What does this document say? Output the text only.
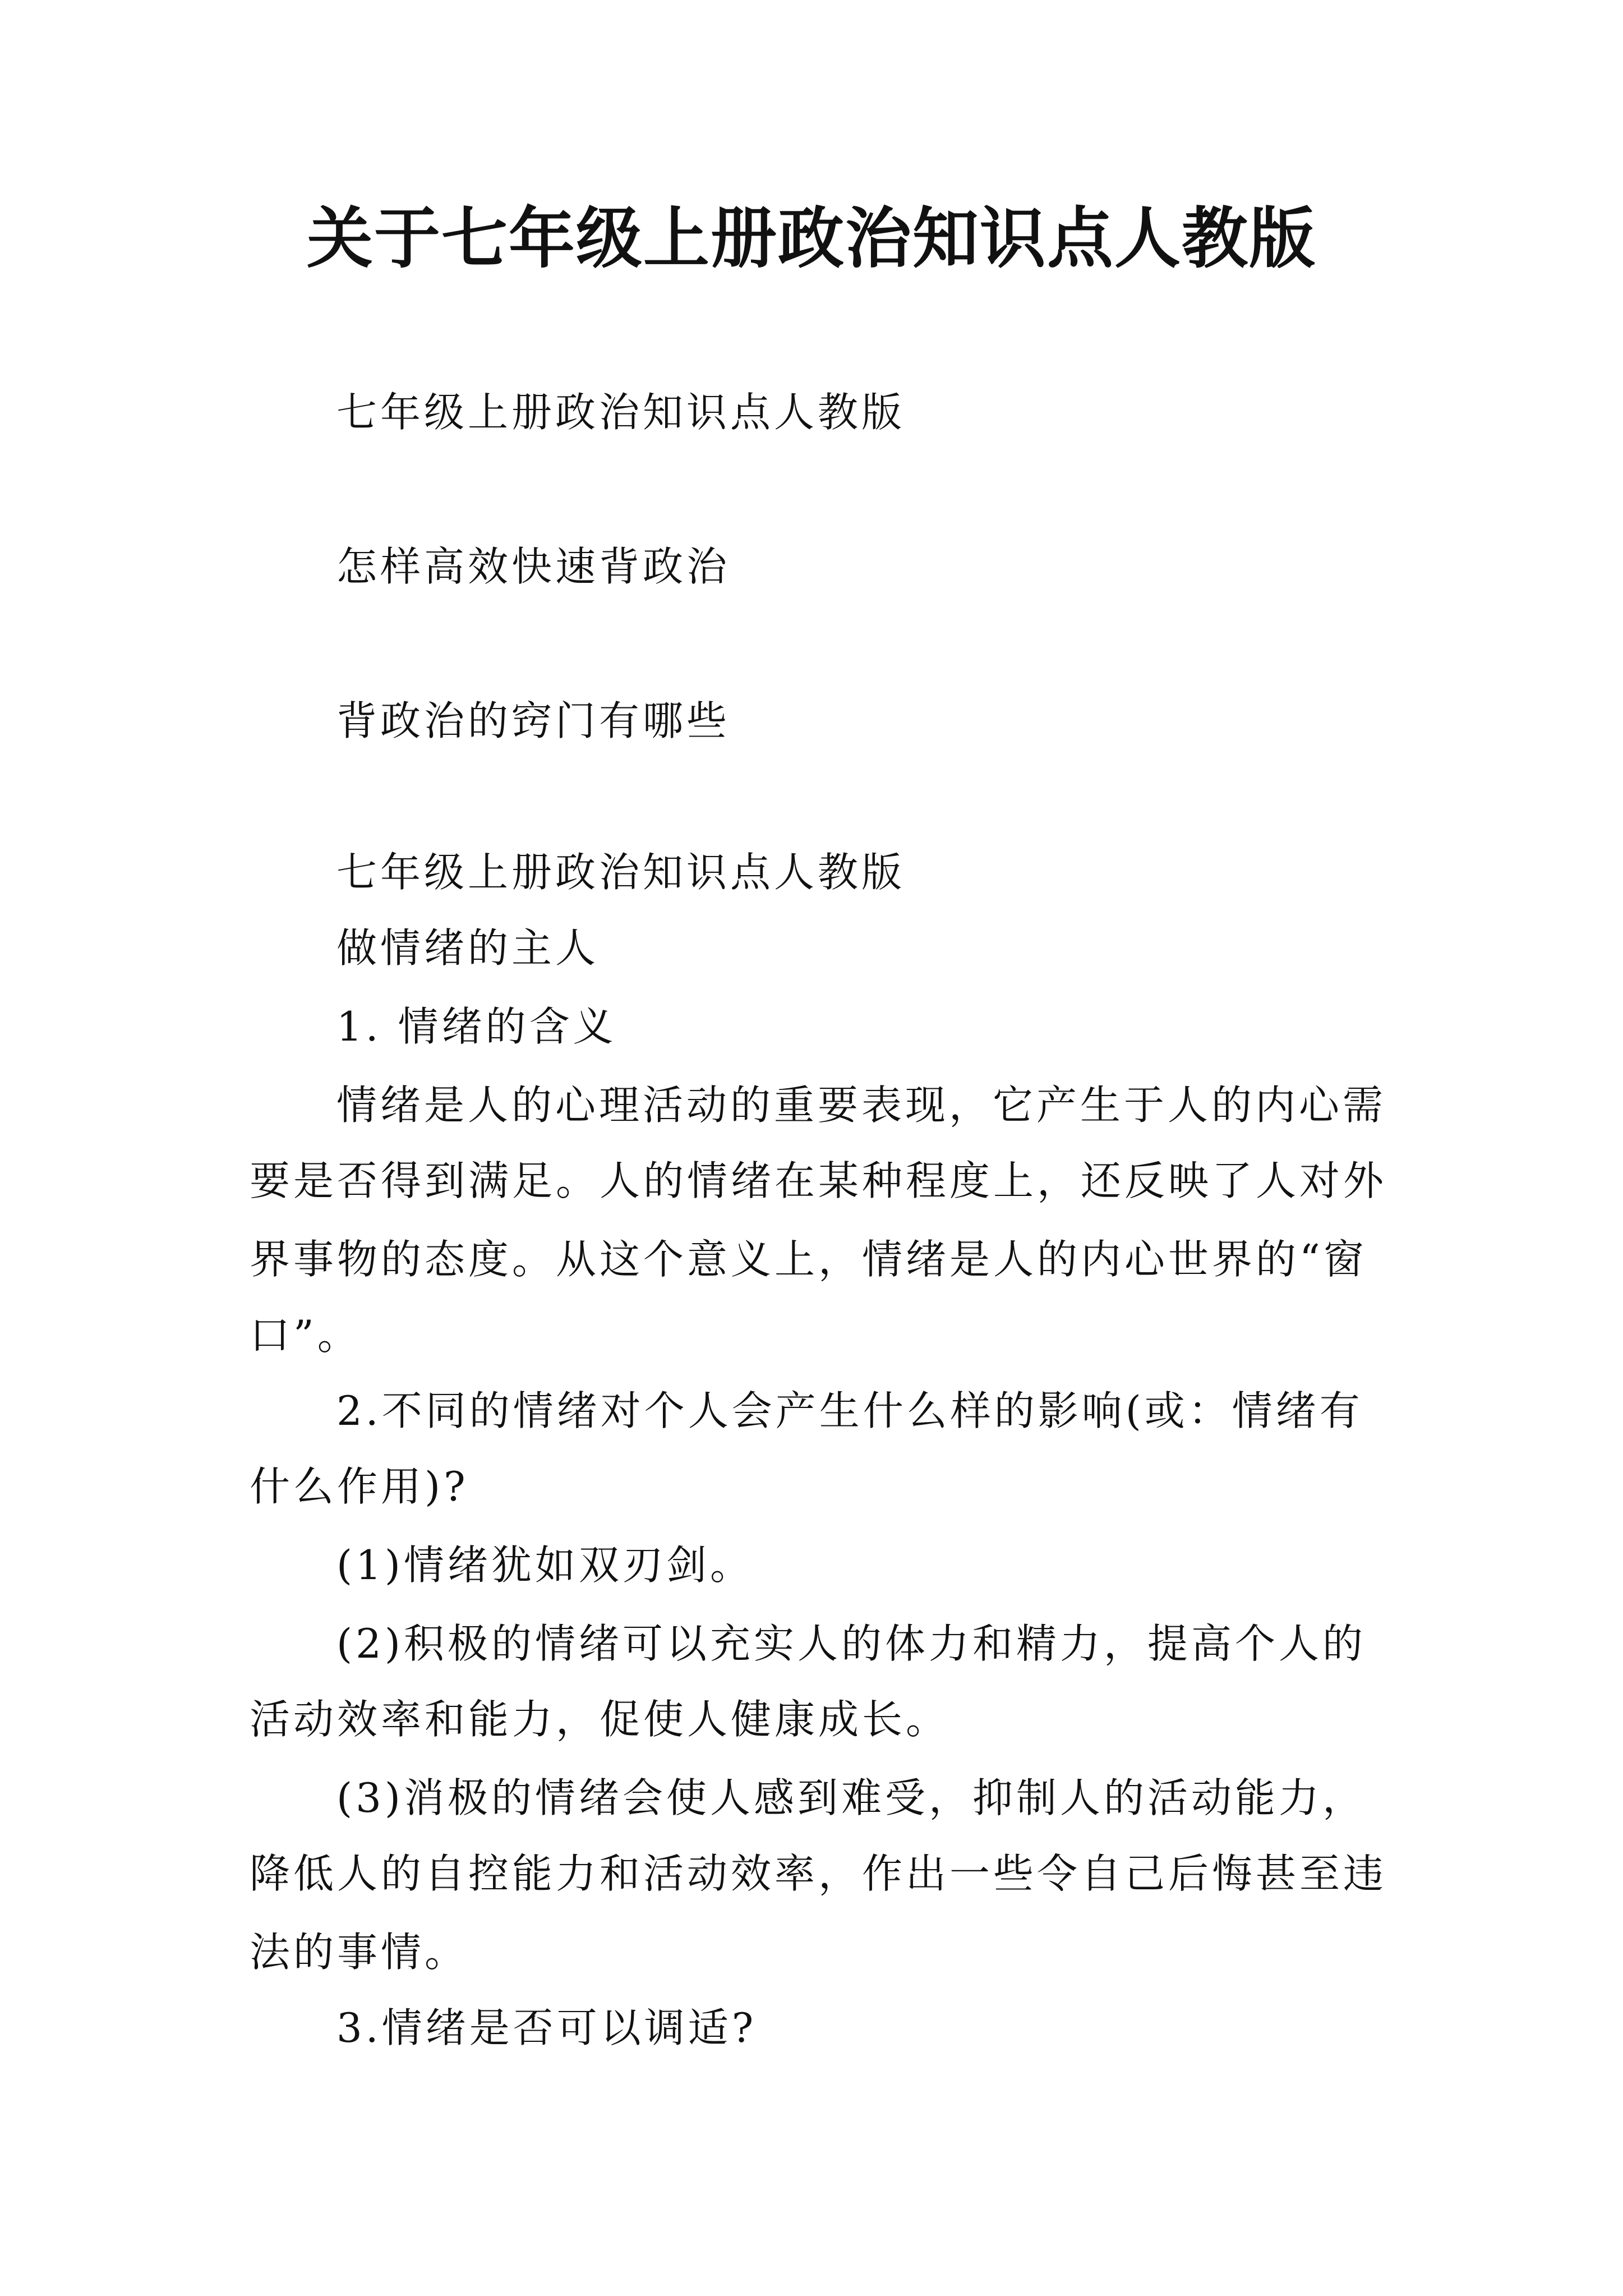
关于七年级上册政治知识点人教版
七年级上册政治知识点人教版
怎样高效快速背政治
背政治的窍门有哪些
七年级上册政治知识点人教版
做情绪的主人
1. 情绪的含义
情绪是人的心理活动的重要表现，它产生于人的内心需
要是否得到满足。人的情绪在某种程度上，还反映了人对外
界事物的态度。从这个意义上，情绪是人的内心世界的“窗
口”。
2.不同的情绪对个人会产生什么样的影响(或：情绪有
什么作用)?
(1)情绪犹如双刃剑。
(2)积极的情绪可以充实人的体力和精力，提高个人的
活动效率和能力，促使人健康成长。
(3)消极的情绪会使人感到难受，抑制人的活动能力，
降低人的自控能力和活动效率，作出一些令自己后悔甚至违
法的事情。
3.情绪是否可以调适?
